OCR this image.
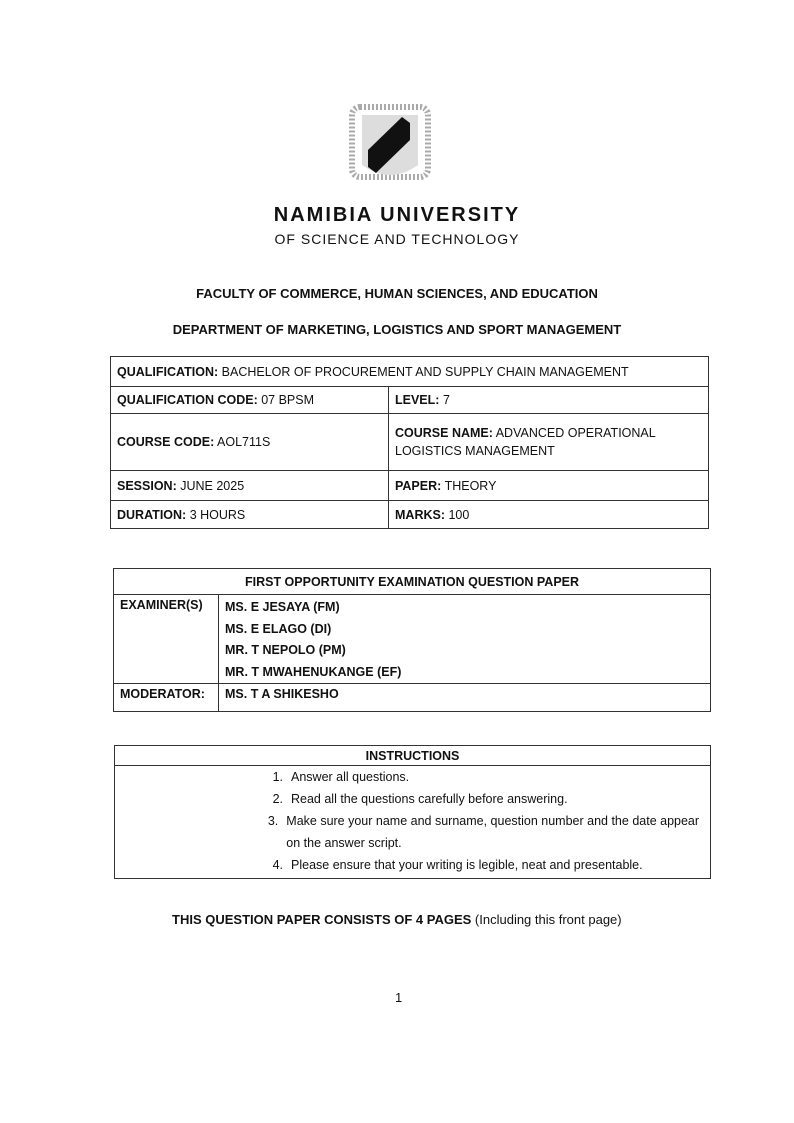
NAMIBIA UNIVERSITY
OF SCIENCE AND TECHNOLOGY
FACULTY OF COMMERCE, HUMAN SCIENCES, AND EDUCATION
DEPARTMENT OF MARKETING, LOGISTICS AND SPORT MANAGEMENT
QUALIFICATION: BACHELOR OF PROCUREMENT AND SUPPLY CHAIN MANAGEMENT	
QUALIFICATION CODE: 07 BPSM	LEVEL: 7
COURSE CODE: AOL711S	COURSE NAME: ADVANCED OPERATIONAL LOGISTICS MANAGEMENT
SESSION: JUNE 2025	PAPER: THEORY
DURATION: 3 HOURS	MARKS: 100
FIRST OPPORTUNITY EXAMINATION QUESTION PAPER	
EXAMINER(S)	MS. E JESAYA (FM)
MS. E ELAGO (DI)
MR. T NEPOLO (PM)
MR. T MWAHENUKANGE (EF)

MODERATOR:	MS. T A SHIKESHO
INSTRUCTIONS

1. Answer all questions.
2. Read all the questions carefully before answering.
3. Make sure your name and surname, question number and the date appear on the answer script.
4. Please ensure that your writing is legible, neat and presentable.
THIS QUESTION PAPER CONSISTS OF 4 PAGES (Including this front page)
1
